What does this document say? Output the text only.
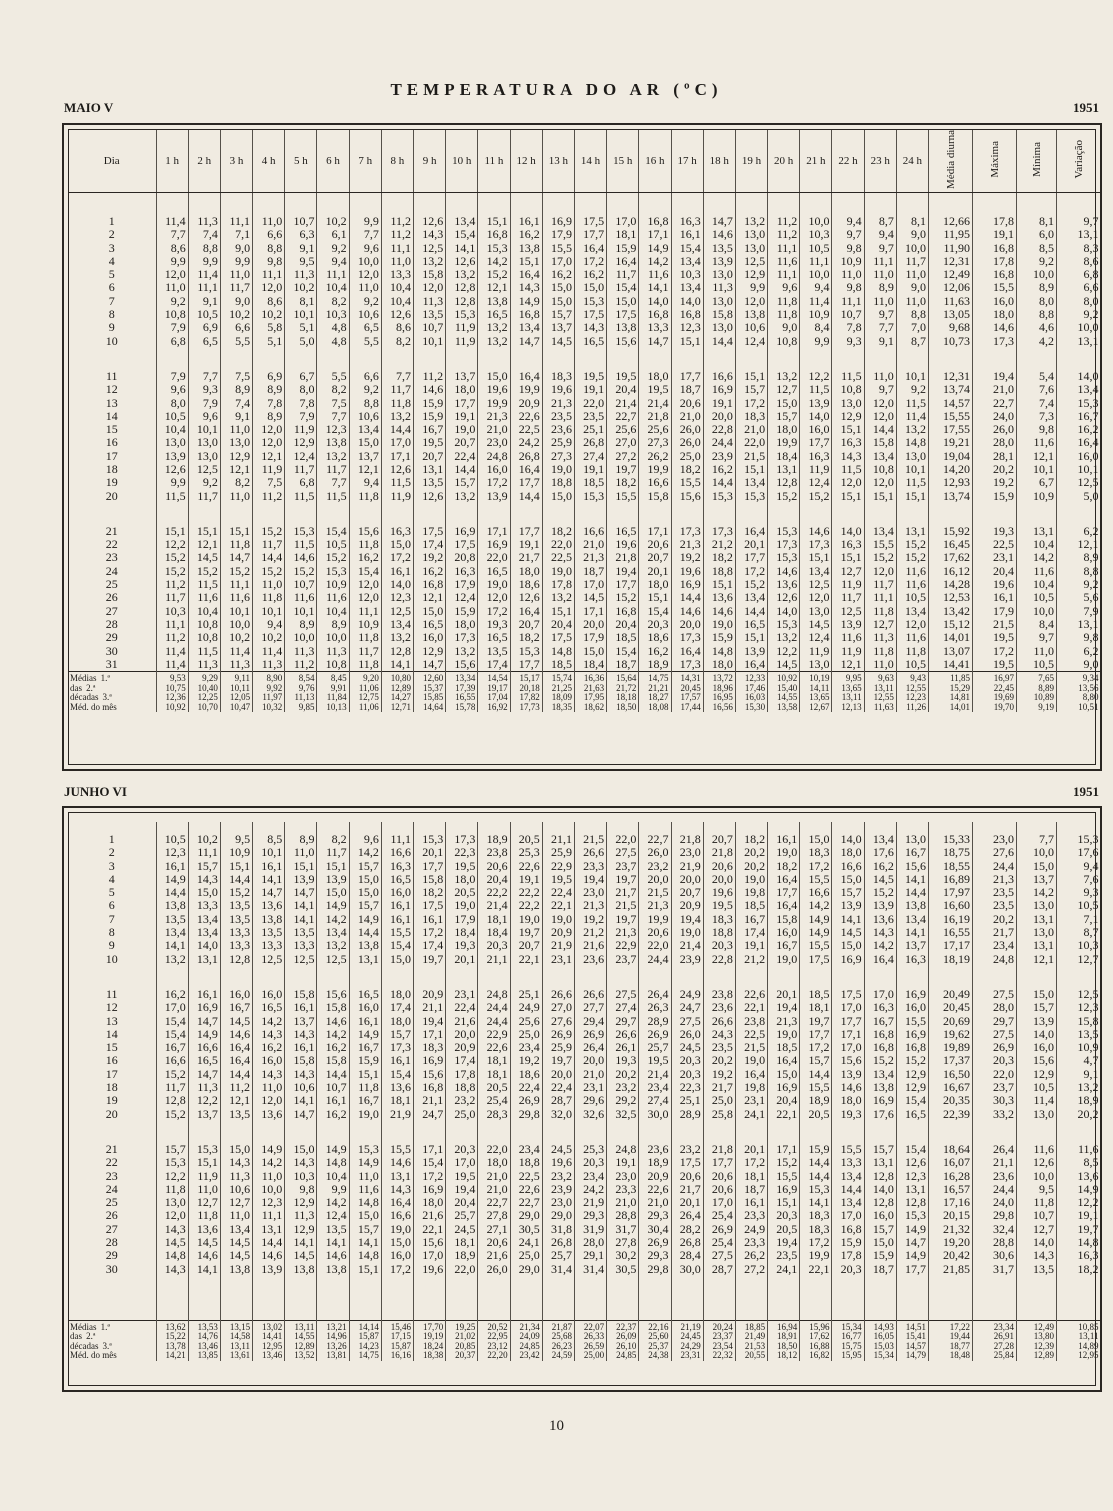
TEMPERATURA DO AR (ºC)
MAIO V	1951
Dia	1 h	2 h	3 h	4 h	5 h	6 h	7 h	8 h	9 h	10 h	11 h	12 h	13 h	14 h	15 h	16 h	17 h	18 h	19 h	20 h	21 h	22 h	23 h	24 h	Média diurna	Máxima	Mínima	Variação

1	11,4	11,3	11,1	11,0	10,7	10,2	9,9	11,2	12,6	13,4	15,1	16,1	16,9	17,5	17,0	16,8	16,3	14,7	13,2	11,2	10,0	9,4	8,7	8,1	12,66	17,8	8,1	9,7
2	7,7	7,4	7,1	6,6	6,3	6,1	7,7	11,2	14,3	15,4	16,8	16,2	17,9	17,7	18,1	17,1	16,1	14,6	13,0	11,2	10,3	9,7	9,4	9,0	11,95	19,1	6,0	13,1
3	8,6	8,8	9,0	8,8	9,1	9,2	9,6	11,1	12,5	14,1	15,3	13,8	15,5	16,4	15,9	14,9	15,4	13,5	13,0	11,1	10,5	9,8	9,7	10,0	11,90	16,8	8,5	8,3
4	9,9	9,9	9,9	9,8	9,5	9,4	10,0	11,0	13,2	12,6	14,2	15,1	17,0	17,2	16,4	14,2	13,4	13,9	12,5	11,6	11,1	10,9	11,1	11,7	12,31	17,8	9,2	8,6
5	12,0	11,4	11,0	11,1	11,3	11,1	12,0	13,3	15,8	13,2	15,2	16,4	16,2	16,2	11,7	11,6	10,3	13,0	12,9	11,1	10,0	11,0	11,0	11,0	12,49	16,8	10,0	6,8
6	11,0	11,1	11,7	12,0	10,2	10,4	11,0	10,4	12,0	12,8	12,1	14,3	15,0	15,0	15,4	14,1	13,4	11,3	9,9	9,6	9,4	9,8	8,9	9,0	12,06	15,5	8,9	6,6
7	9,2	9,1	9,0	8,6	8,1	8,2	9,2	10,4	11,3	12,8	13,8	14,9	15,0	15,3	15,0	14,0	14,0	13,0	12,0	11,8	11,4	11,1	11,0	11,0	11,63	16,0	8,0	8,0
8	10,8	10,5	10,2	10,2	10,1	10,3	10,6	12,6	13,5	15,3	16,5	16,8	15,7	17,5	17,5	16,8	16,8	15,8	13,8	11,8	10,9	10,7	9,7	8,8	13,05	18,0	8,8	9,2
9	7,9	6,9	6,6	5,8	5,1	4,8	6,5	8,6	10,7	11,9	13,2	13,4	13,7	14,3	13,8	13,3	12,3	13,0	10,6	9,0	8,4	7,8	7,7	7,0	9,68	14,6	4,6	10,0
10	6,8	6,5	5,5	5,1	5,0	4,8	5,5	8,2	10,1	11,9	13,2	14,7	14,5	16,5	15,6	14,7	15,1	14,4	12,4	10,8	9,9	9,3	9,1	8,7	10,73	17,3	4,2	13,1

11	7,9	7,7	7,5	6,9	6,7	5,5	6,6	7,7	11,2	13,7	15,0	16,4	18,3	19,5	19,5	18,0	17,7	16,6	15,1	13,2	12,2	11,5	11,0	10,1	12,31	19,4	5,4	14,0
12	9,6	9,3	8,9	8,9	8,0	8,2	9,2	11,7	14,6	18,0	19,6	19,9	19,6	19,1	20,4	19,5	18,7	16,9	15,7	12,7	11,5	10,8	9,7	9,2	13,74	21,0	7,6	13,4
13	8,0	7,9	7,4	7,8	7,8	7,5	8,8	11,8	15,9	17,7	19,9	20,9	21,3	22,0	21,4	21,4	20,6	19,1	17,2	15,0	13,9	13,0	12,0	11,5	14,57	22,7	7,4	15,3
14	10,5	9,6	9,1	8,9	7,9	7,7	10,6	13,2	15,9	19,1	21,3	22,6	23,5	23,5	22,7	21,8	21,0	20,0	18,3	15,7	14,0	12,9	12,0	11,4	15,55	24,0	7,3	16,7
15	10,4	10,1	11,0	12,0	11,9	12,3	13,4	14,4	16,7	19,0	21,0	22,5	23,6	25,1	25,6	25,6	26,0	22,8	21,0	18,0	16,0	15,1	14,4	13,2	17,55	26,0	9,8	16,2
16	13,0	13,0	13,0	12,0	12,9	13,8	15,0	17,0	19,5	20,7	23,0	24,2	25,9	26,8	27,0	27,3	26,0	24,4	22,0	19,9	17,7	16,3	15,8	14,8	19,21	28,0	11,6	16,4
17	13,9	13,0	12,9	12,1	12,4	13,2	13,7	17,1	20,7	22,4	24,8	26,8	27,3	27,4	27,2	26,2	25,0	23,9	21,5	18,4	16,3	14,3	13,4	13,0	19,04	28,1	12,1	16,0
18	12,6	12,5	12,1	11,9	11,7	11,7	12,1	12,6	13,1	14,4	16,0	16,4	19,0	19,1	19,7	19,9	18,2	16,2	15,1	13,1	11,9	11,5	10,8	10,1	14,20	20,2	10,1	10,1
19	9,9	9,2	8,2	7,5	6,8	7,7	9,4	11,5	13,5	15,7	17,2	17,7	18,8	18,5	18,2	16,6	15,5	14,4	13,4	12,8	12,4	12,0	12,0	11,5	12,93	19,2	6,7	12,5
20	11,5	11,7	11,0	11,2	11,5	11,5	11,8	11,9	12,6	13,2	13,9	14,4	15,0	15,3	15,5	15,8	15,6	15,3	15,3	15,2	15,2	15,1	15,1	15,1	13,74	15,9	10,9	5,0

21	15,1	15,1	15,1	15,2	15,3	15,4	15,6	16,3	17,5	16,9	17,1	17,7	18,2	16,6	16,5	17,1	17,3	17,3	16,4	15,3	14,6	14,0	13,4	13,1	15,92	19,3	13,1	6,2
22	12,2	12,1	11,8	11,7	11,5	10,5	11,8	15,0	17,4	17,5	16,9	19,1	22,0	21,0	19,6	20,6	21,3	21,2	20,1	17,3	17,3	16,3	15,5	15,2	16,45	22,5	10,4	12,1
23	15,2	14,5	14,7	14,4	14,6	15,2	16,2	17,2	19,2	20,8	22,0	21,7	22,5	21,3	21,8	20,7	19,2	18,2	17,7	15,3	15,1	15,1	15,2	15,2	17,62	23,1	14,2	8,9
24	15,2	15,2	15,2	15,2	15,2	15,3	15,4	16,1	16,2	16,3	16,5	18,0	19,0	18,7	19,4	20,1	19,6	18,8	17,2	14,6	13,4	12,7	12,0	11,6	16,12	20,4	11,6	8,8
25	11,2	11,5	11,1	11,0	10,7	10,9	12,0	14,0	16,8	17,9	19,0	18,6	17,8	17,0	17,7	18,0	16,9	15,1	15,2	13,6	12,5	11,9	11,7	11,6	14,28	19,6	10,4	9,2
26	11,7	11,6	11,6	11,8	11,6	11,6	12,0	12,3	12,1	12,4	12,0	12,6	13,2	14,5	15,2	15,1	14,4	13,6	13,4	12,6	12,0	11,7	11,1	10,5	12,53	16,1	10,5	5,6
27	10,3	10,4	10,1	10,1	10,1	10,4	11,1	12,5	15,0	15,9	17,2	16,4	15,1	17,1	16,8	15,4	14,6	14,6	14,4	14,0	13,0	12,5	11,8	13,4	13,42	17,9	10,0	7,9
28	11,1	10,8	10,0	9,4	8,9	8,9	10,9	13,4	16,5	18,0	19,3	20,7	20,4	20,0	20,4	20,3	20,0	19,0	16,5	15,3	14,5	13,9	12,7	12,0	15,12	21,5	8,4	13,1
29	11,2	10,8	10,2	10,2	10,0	10,0	11,8	13,2	16,0	17,3	16,5	18,2	17,5	17,9	18,5	18,6	17,3	15,9	15,1	13,2	12,4	11,6	11,3	11,6	14,01	19,5	9,7	9,8
30	11,4	11,5	11,4	11,4	11,3	11,3	11,7	12,8	12,9	13,2	13,5	15,3	14,8	15,0	15,4	16,2	16,4	14,8	13,9	12,2	11,9	11,9	11,8	11,8	13,07	17,2	11,0	6,2
31	11,4	11,3	11,3	11,3	11,2	10,8	11,8	14,1	14,7	15,6	17,4	17,7	18,5	18,4	18,7	18,9	17,3	18,0	16,4	14,5	13,0	12,1	11,0	10,5	14,41	19,5	10,5	9,0
Médias   1.ª	9,53	9,29	9,11	8,90	8,54	8,45	9,20	10,80	12,60	13,34	14,54	15,17	15,74	16,36	15,64	14,75	14,31	13,72	12,33	10,92	10,19	9,95	9,63	9,43	11,85	16,97	7,65	9,34
das   2.ª	10,75	10,40	10,11	9,92	9,76	9,91	11,06	12,89	15,37	17,39	19,17	20,18	21,25	21,63	21,72	21,21	20,45	18,96	17,46	15,40	14,11	13,65	13,11	12,55	15,29	22,45	8,89	13,56
décadas   3.ª	12,36	12,25	12,05	11,97	11,13	11,84	12,75	14,27	15,85	16,55	17,04	17,82	18,09	17,95	18,18	18,27	17,57	16,95	16,03	14,55	13,65	13,11	12,55	12,23	14,81	19,69	10,89	8,80
Méd. do mês	10,92	10,70	10,47	10,32	9,85	10,13	11,06	12,71	14,64	15,78	16,92	17,73	18,35	18,62	18,50	18,08	17,44	16,56	15,30	13,58	12,67	12,13	11,63	11,26	14,01	19,70	9,19	10,51
JUNHO VI	1951

1	10,5	10,2	9,5	8,5	8,9	8,2	9,6	11,1	15,3	17,3	18,9	20,5	21,1	21,5	22,0	22,7	21,8	20,7	18,2	16,1	15,0	14,0	13,4	13,0	15,33	23,0	7,7	15,3
2	12,3	11,1	10,9	10,1	11,0	11,7	14,2	16,6	20,1	22,3	23,8	25,3	25,9	26,6	27,5	26,0	23,0	21,8	20,2	19,0	18,3	18,0	17,6	16,7	18,75	27,6	10,0	17,6
3	16,1	15,7	15,1	16,1	15,1	15,1	15,7	16,3	17,7	19,5	20,6	22,6	22,9	23,3	23,7	23,2	21,9	20,6	20,2	18,2	17,2	16,6	16,2	15,6	18,55	24,4	15,0	9,4
4	14,9	14,3	14,4	14,1	13,9	13,9	15,0	16,5	15,8	18,0	20,4	19,1	19,5	19,4	19,7	20,0	20,0	20,0	19,0	16,4	15,5	15,0	14,5	14,1	16,89	21,3	13,7	7,6
5	14,4	15,0	15,2	14,7	14,7	15,0	15,0	16,0	18,2	20,5	22,2	22,2	22,4	23,0	21,7	21,5	20,7	19,6	19,8	17,7	16,6	15,7	15,2	14,4	17,97	23,5	14,2	9,3
6	13,8	13,3	13,5	13,6	14,1	14,9	15,7	16,1	17,5	19,0	21,4	22,2	22,1	21,3	21,5	21,3	20,9	19,5	18,5	16,4	14,2	13,9	13,9	13,8	16,60	23,5	13,0	10,5
7	13,5	13,4	13,5	13,8	14,1	14,2	14,9	16,1	16,1	17,9	18,1	19,0	19,0	19,2	19,7	19,9	19,4	18,3	16,7	15,8	14,9	14,1	13,6	13,4	16,19	20,2	13,1	7,1
8	13,4	13,4	13,3	13,5	13,5	13,4	14,4	15,5	17,2	18,4	18,4	19,7	20,9	21,2	21,3	20,6	19,0	18,8	17,4	16,0	14,9	14,5	14,3	14,1	16,55	21,7	13,0	8,7
9	14,1	14,0	13,3	13,3	13,3	13,2	13,8	15,4	17,4	19,3	20,3	20,7	21,9	21,6	22,9	22,0	21,4	20,3	19,1	16,7	15,5	15,0	14,2	13,7	17,17	23,4	13,1	10,3
10	13,2	13,1	12,8	12,5	12,5	12,5	13,1	15,0	19,7	20,1	21,1	22,1	23,1	23,6	23,7	24,4	23,9	22,8	21,2	19,0	17,5	16,9	16,4	16,3	18,19	24,8	12,1	12,7

11	16,2	16,1	16,0	16,0	15,8	15,6	16,5	18,0	20,9	23,1	24,8	25,1	26,6	26,6	27,5	26,4	24,9	23,8	22,6	20,1	18,5	17,5	17,0	16,9	20,49	27,5	15,0	12,5
12	17,0	16,9	16,7	16,5	16,1	15,8	16,0	17,4	21,1	22,4	24,4	24,9	27,0	27,7	27,4	26,3	24,7	23,6	22,1	19,4	18,1	17,0	16,3	16,0	20,45	28,0	15,7	12,3
13	15,4	14,7	14,5	14,2	13,7	14,6	16,1	18,0	19,4	21,6	24,4	25,6	27,6	29,4	29,7	28,9	27,5	26,6	23,8	21,3	19,7	17,7	16,7	15,5	20,69	29,7	13,9	15,8
14	15,4	14,9	14,6	14,3	14,3	14,2	14,9	15,7	17,1	20,0	22,9	25,0	26,9	26,9	26,6	26,9	26,0	24,3	22,5	19,0	17,7	17,1	16,8	16,9	19,62	27,5	14,0	13,5
15	16,7	16,6	16,4	16,2	16,1	16,2	16,7	17,3	18,3	20,9	22,6	23,4	25,9	26,4	26,1	25,7	24,5	23,5	21,5	18,5	17,2	17,0	16,8	16,8	19,89	26,9	16,0	10,9
16	16,6	16,5	16,4	16,0	15,8	15,8	15,9	16,1	16,9	17,4	18,1	19,2	19,7	20,0	19,3	19,5	20,3	20,2	19,0	16,4	15,7	15,6	15,2	15,2	17,37	20,3	15,6	4,7
17	15,2	14,7	14,4	14,3	14,3	14,4	15,1	15,4	15,6	17,8	18,1	18,6	20,0	21,0	20,2	21,4	20,3	19,2	16,4	15,0	14,4	13,9	13,4	12,9	16,50	22,0	12,9	9,1
18	11,7	11,3	11,2	11,0	10,6	10,7	11,8	13,6	16,8	18,8	20,5	22,4	22,4	23,1	23,2	23,4	22,3	21,7	19,8	16,9	15,5	14,6	13,8	12,9	16,67	23,7	10,5	13,2
19	12,8	12,2	12,1	12,0	14,1	16,1	16,7	18,1	21,1	23,2	25,4	26,9	28,7	29,6	29,2	27,4	25,1	25,0	23,1	20,4	18,9	18,0	16,9	15,4	20,35	30,3	11,4	18,9
20	15,2	13,7	13,5	13,6	14,7	16,2	19,0	21,9	24,7	25,0	28,3	29,8	32,0	32,6	32,5	30,0	28,9	25,8	24,1	22,1	20,5	19,3	17,6	16,5	22,39	33,2	13,0	20,2

21	15,7	15,3	15,0	14,9	15,0	14,9	15,3	15,5	17,1	20,3	22,0	23,4	24,5	25,3	24,8	23,6	23,2	21,8	20,1	17,1	15,9	15,5	15,7	15,4	18,64	26,4	11,6	11,6
22	15,3	15,1	14,3	14,2	14,3	14,8	14,9	14,6	15,4	17,0	18,0	18,8	19,6	20,3	19,1	18,9	17,5	17,7	17,2	15,2	14,4	13,3	13,1	12,6	16,07	21,1	12,6	8,5
23	12,2	11,9	11,3	11,0	10,3	10,4	11,0	13,1	17,2	19,5	21,0	22,5	23,2	23,4	23,0	20,9	20,6	20,6	18,1	15,5	14,4	13,4	12,8	12,3	16,28	23,6	10,0	13,6
24	11,8	11,0	10,6	10,0	9,8	9,9	11,6	14,3	16,9	19,4	21,0	22,6	23,9	24,2	23,3	22,6	21,7	20,6	18,7	16,9	15,3	14,4	14,0	13,1	16,57	24,4	9,5	14,9
25	13,0	12,7	12,7	12,3	12,9	14,2	14,8	16,4	18,0	20,4	22,7	22,7	23,0	21,9	21,0	21,0	20,1	17,0	16,1	15,1	14,1	13,4	12,8	12,8	17,16	24,0	11,8	12,2
26	12,0	11,8	11,0	11,1	11,3	12,4	15,0	16,6	21,6	25,7	27,8	29,0	29,0	29,3	28,8	29,3	26,4	25,4	23,3	20,3	18,3	17,0	16,0	15,3	20,15	29,8	10,7	19,1
27	14,3	13,6	13,4	13,1	12,9	13,5	15,7	19,0	22,1	24,5	27,1	30,5	31,8	31,9	31,7	30,4	28,2	26,9	24,9	20,5	18,3	16,8	15,7	14,9	21,32	32,4	12,7	19,7
28	14,5	14,5	14,5	14,4	14,1	14,1	14,1	15,0	15,6	18,1	20,6	24,1	26,8	28,0	27,8	26,9	26,8	25,4	23,3	19,4	17,2	15,9	15,0	14,7	19,20	28,8	14,0	14,8
29	14,8	14,6	14,5	14,6	14,5	14,6	14,8	16,0	17,0	18,9	21,6	25,0	25,7	29,1	30,2	29,3	28,4	27,5	26,2	23,5	19,9	17,8	15,9	14,9	20,42	30,6	14,3	16,3
30	14,3	14,1	13,8	13,9	13,8	13,8	15,1	17,2	19,6	22,0	26,0	29,0	31,4	31,4	30,5	29,8	30,0	28,7	27,2	24,1	22,1	20,3	18,7	17,7	21,85	31,7	13,5	18,2

Médias   1.ª	13,62	13,53	13,15	13,02	13,11	13,21	14,14	15,46	17,70	19,25	20,52	21,34	21,87	22,07	22,37	22,16	21,19	20,24	18,85	16,94	15,96	15,34	14,93	14,51	17,22	23,34	12,49	10,85
das   2.ª	15,22	14,76	14,58	14,41	14,55	14,96	15,87	17,15	19,19	21,02	22,95	24,09	25,68	26,33	26,09	25,60	24,45	23,37	21,49	18,91	17,62	16,77	16,05	15,41	19,44	26,91	13,80	13,11
décadas   3.ª	13,78	13,46	13,11	12,95	12,89	13,26	14,23	15,87	18,24	20,85	23,12	24,85	26,23	26,59	26,10	25,37	24,29	23,54	21,53	18,50	16,88	15,75	15,03	14,57	18,77	27,28	12,39	14,89
Méd. do mês	14,21	13,85	13,61	13,46	13,52	13,81	14,75	16,16	18,38	20,37	22,20	23,42	24,59	25,00	24,85	24,38	23,31	22,32	20,55	18,12	16,82	15,95	15,34	14,79	18,48	25,84	12,89	12,95
10
